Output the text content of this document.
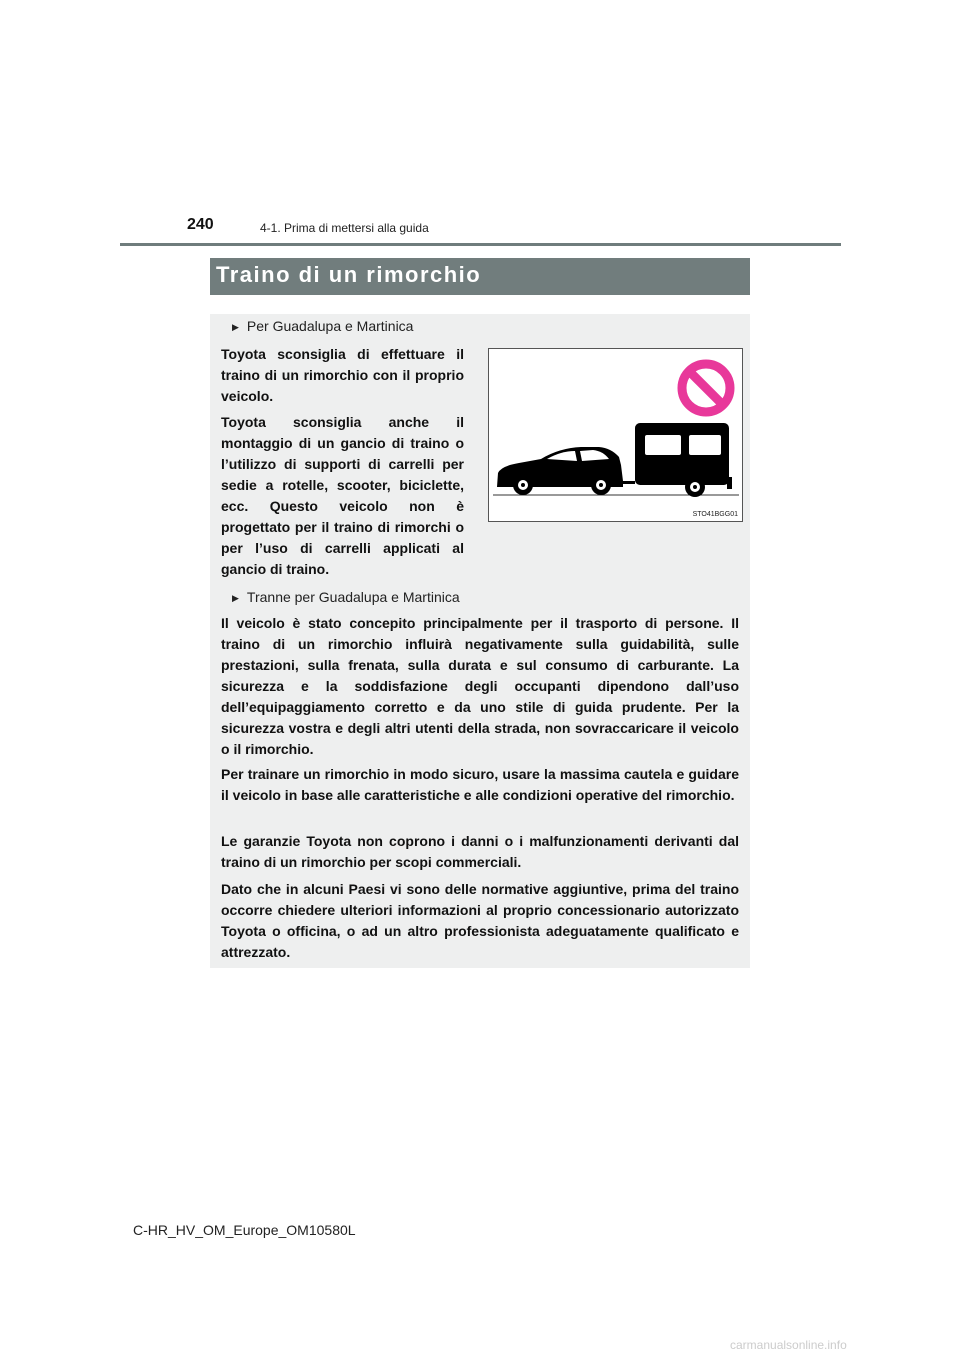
240	4-1. Prima di mettersi alla guida
Traino di un rimorchio
▶ Per Guadalupa e Martinica

Toyota sconsiglia di effettuare il traino di un rimorchio con il proprio veicolo.

Toyota sconsiglia anche il montaggio di un gancio di traino o l’utilizzo di supporti di carrelli per sedie a rotelle, scooter, biciclette, ecc. Questo veicolo non è progettato per il traino di rimorchi o per l’uso di carrelli applicati al gancio di traino.

STO41BGG01
▶ Tranne per Guadalupa e Martinica

Il veicolo è stato concepito principalmente per il trasporto di persone. Il traino di un rimorchio influirà negativamente sulla guidabilità, sulle prestazioni, sulla frenata, sulla durata e sul consumo di carburante. La sicurezza e la soddisfazione degli occupanti dipendono dall’uso dell’equipaggiamento corretto e da uno stile di guida prudente. Per la sicurezza vostra e degli altri utenti della strada, non sovraccaricare il veicolo o il rimorchio.

Per trainare un rimorchio in modo sicuro, usare la massima cautela e guidare il veicolo in base alle caratteristiche e alle condizioni operative del rimorchio.

Le garanzie Toyota non coprono i danni o i malfunzionamenti derivanti dal traino di un rimorchio per scopi commerciali.

Dato che in alcuni Paesi vi sono delle normative aggiuntive, prima del traino occorre chiedere ulteriori informazioni al proprio concessionario autorizzato Toyota o officina, o ad un altro professionista adeguatamente qualificato e attrezzato.

C-HR_HV_OM_Europe_OM10580L
carmanualsonline.info
